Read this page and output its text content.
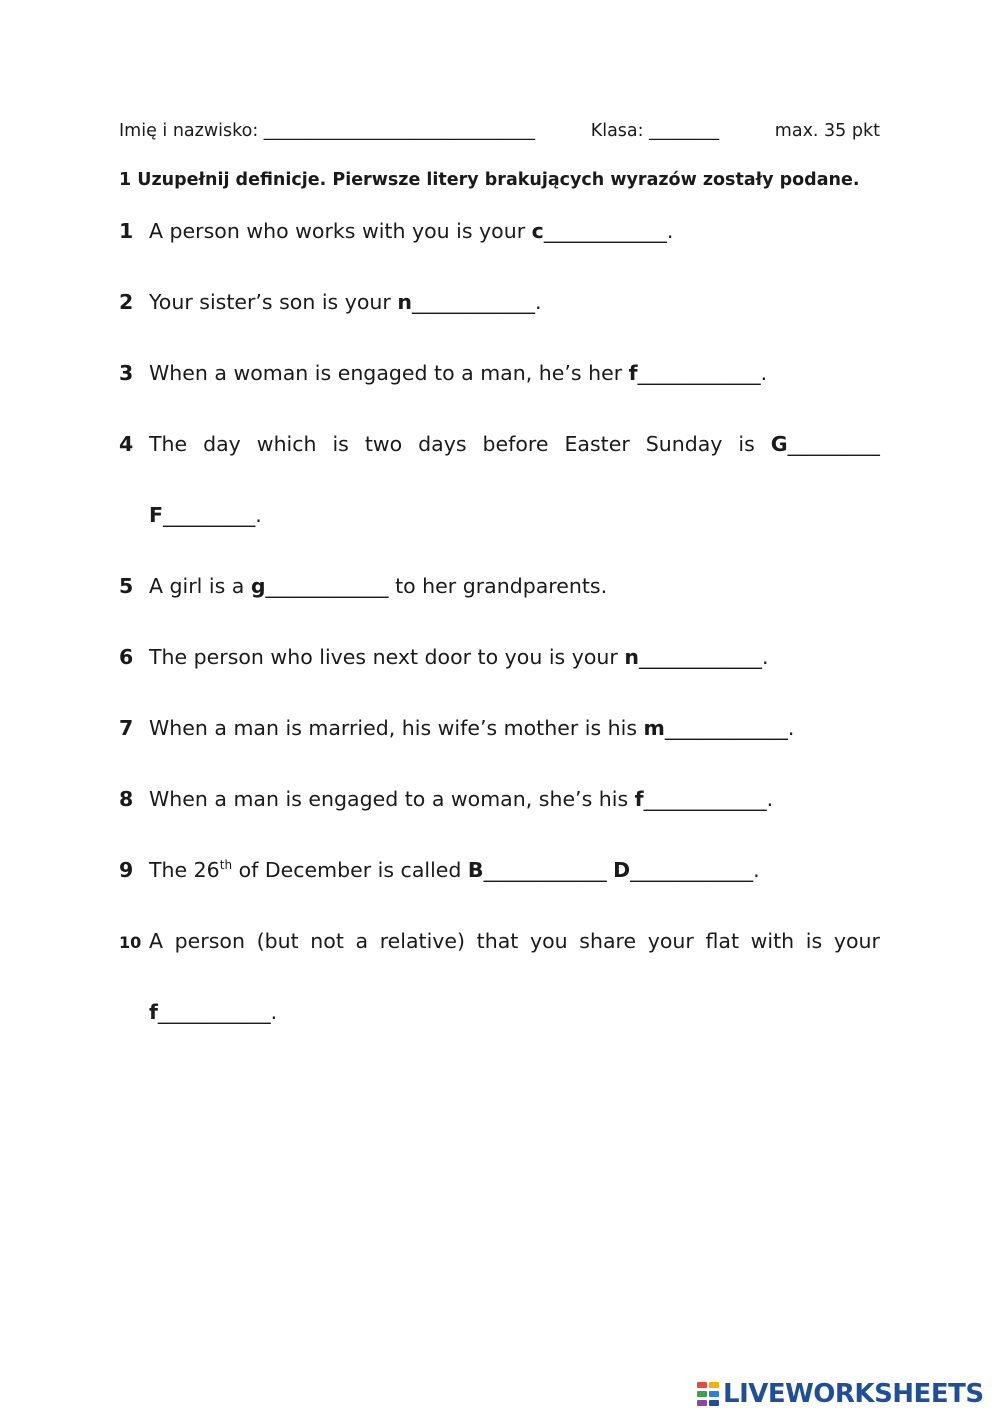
Imię i nazwisko: _______________________________	Klasa: ________	max. 35 pkt
1 Uzupełnij definicje. Pierwsze litery brakujących wyrazów zostały podane.
1 A person who works with you is your c____________.
2 Your sister’s son is your n____________.
3 When a woman is engaged to a man, he’s her f____________.
4 The day which is two days before Easter Sunday is G_________
F_________.
5 A girl is a g____________ to her grandparents.
6 The person who lives next door to you is your n____________.
7 When a man is married, his wife’s mother is his m____________.
8 When a man is engaged to a woman, she’s his f____________.
9 The 26th of December is called B____________ D____________.
10 A person (but not a relative) that you share your flat with is your
f___________.
LIVEWORKSHEETS
